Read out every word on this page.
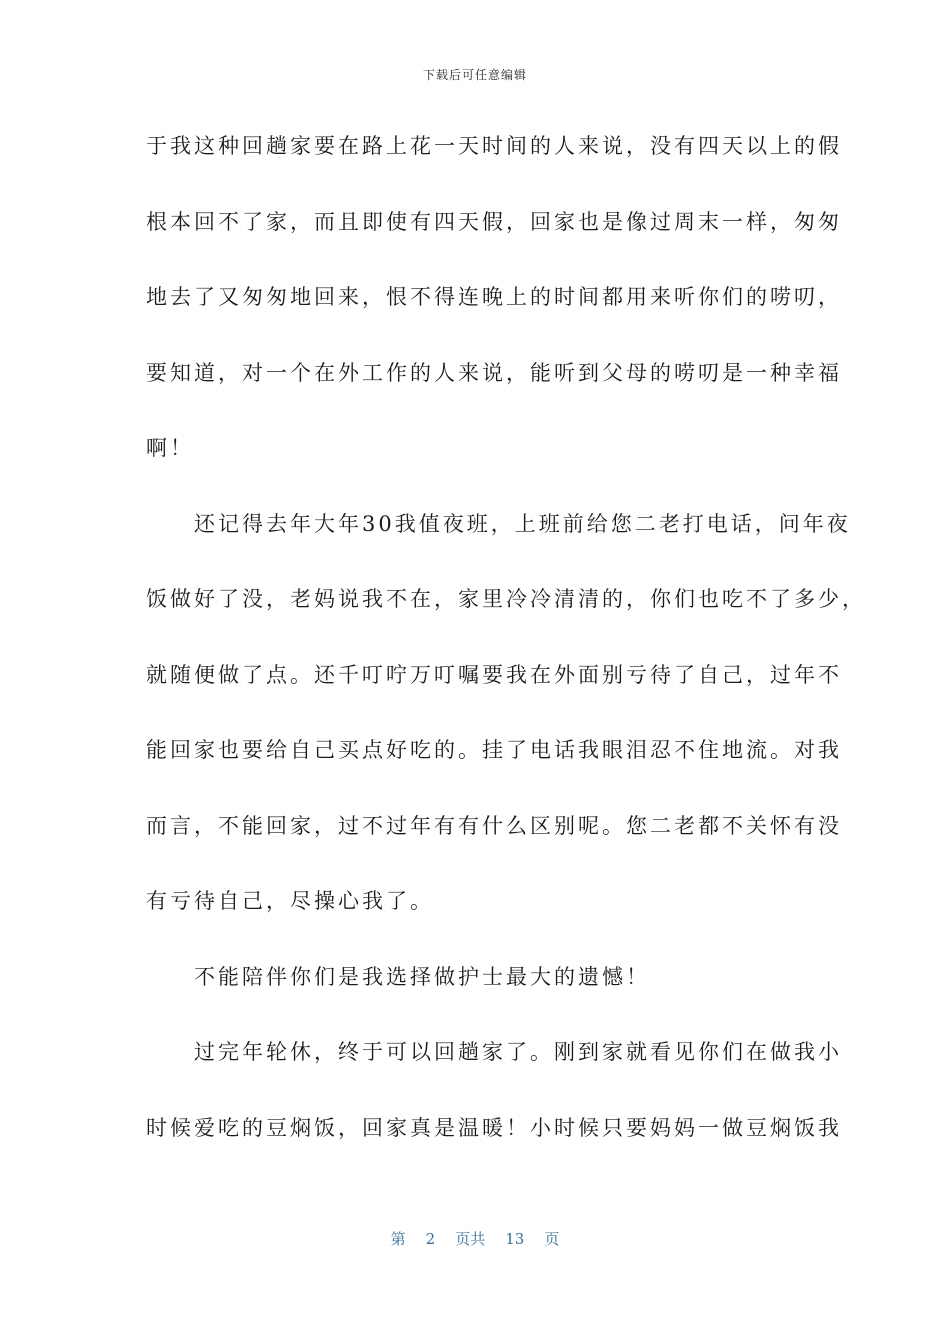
下载后可任意编辑
于我这种回趟家要在路上花一天时间的人来说，没有四天以上的假
根本回不了家，而且即使有四天假，回家也是像过周末一样，匆匆
地去了又匆匆地回来，恨不得连晚上的时间都用来听你们的唠叨，
要知道，对一个在外工作的人来说，能听到父母的唠叨是一种幸福
啊！
　　还记得去年大年30我值夜班，上班前给您二老打电话，问年夜
饭做好了没，老妈说我不在，家里冷冷清清的，你们也吃不了多少，
就随便做了点。还千叮咛万叮嘱要我在外面别亏待了自己，过年不
能回家也要给自己买点好吃的。挂了电话我眼泪忍不住地流。对我
而言，不能回家，过不过年有有什么区别呢。您二老都不关怀有没
有亏待自己，尽操心我了。
　　不能陪伴你们是我选择做护士最大的遗憾！
　　过完年轮休，终于可以回趟家了。刚到家就看见你们在做我小
时候爱吃的豆焖饭，回家真是温暖！小时候只要妈妈一做豆焖饭我
第 2 页共 13 页
